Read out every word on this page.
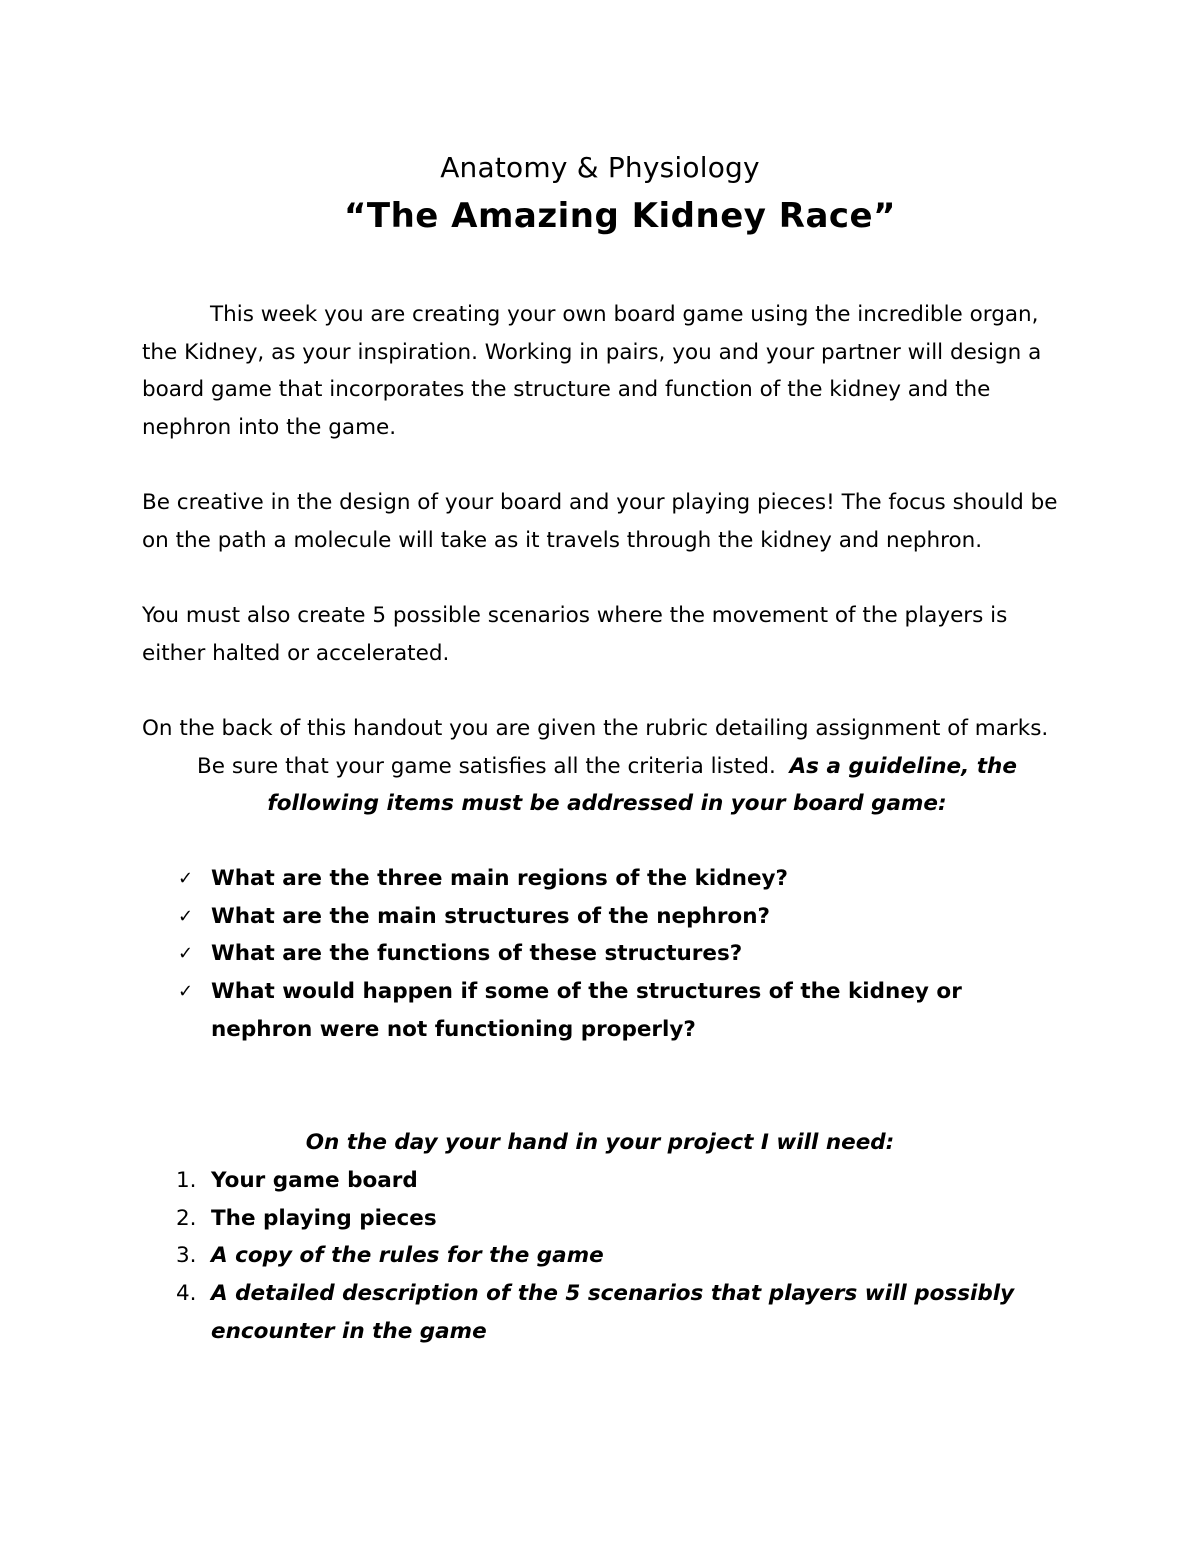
Anatomy & Physiology
“The Amazing Kidney Race”

This week you are creating your own board game using the incredible organ, the Kidney, as your inspiration. Working in pairs, you and your partner will design a board game that incorporates the structure and function of the kidney and the nephron into the game.

Be creative in the design of your board and your playing pieces! The focus should be on the path a molecule will take as it travels through the kidney and nephron.

You must also create 5 possible scenarios where the movement of the players is either halted or accelerated.

On the back of this handout you are given the rubric detailing assignment of marks.
Be sure that your game satisfies all the criteria listed. As a guideline, the following items must be addressed in your board game:

✓ What are the three main regions of the kidney?
✓ What are the main structures of the nephron?
✓ What are the functions of these structures?
✓ What would happen if some of the structures of the kidney or nephron were not functioning properly?
On the day your hand in your project I will need:
1. Your game board
2. The playing pieces
3. A copy of the rules for the game
4. A detailed description of the 5 scenarios that players will possibly encounter in the game
